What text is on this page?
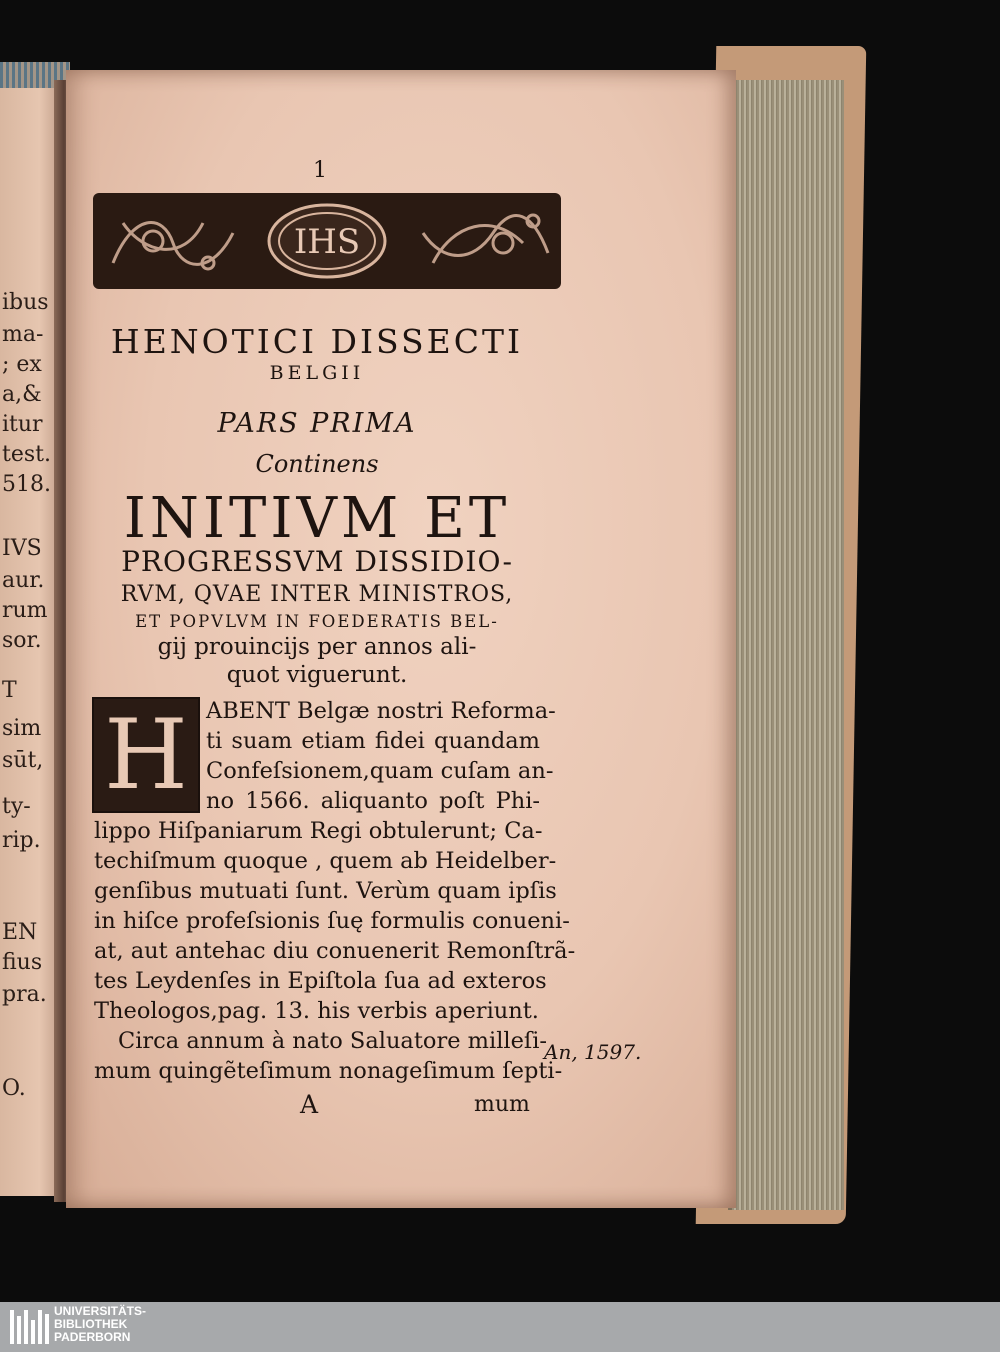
ibus
ma-
; ex
a,&
itur
test.
518.
IVS
aur.
rum
sor.
T
sim
sūt,
ty-
rip.
EN
fius
pra.
O.
1
IHS
HENOTICI DISSECTI
BELGII
PARS PRIMA
Continens
INITIVM ET
PROGRESSVM DISSIDIO-
RVM, QVAE INTER MINISTROS,
ET POPVLVM IN FOEDERATIS BEL-
gij prouincijs per annos ali-
quot viguerunt.
H ABENT Belgæ nostri Reforma-
ti suam etiam fidei quandam
Confeſsionem,quam cuſam an-
no 1566. aliquanto poſt Phi-
lippo Hiſpaniarum Regi obtulerunt; Ca-
techiſmum quoque , quem ab Heidelber-
genſibus mutuati ſunt. Verùm quam ipſis
in hiſce profeſsionis ſuę formulis conueni-
at, aut antehac diu conuenerit Remonſtrã-
tes Leydenſes in Epiſtola ſua ad exteros
Theologos,pag. 13. his verbis aperiunt.
Circa annum à nato Saluatore milleſi-
mum quingẽteſimum nonageſimum ſepti-
An, 1597.
A	mum
UNIVERSITÄTS-
BIBLIOTHEK
PADERBORN
